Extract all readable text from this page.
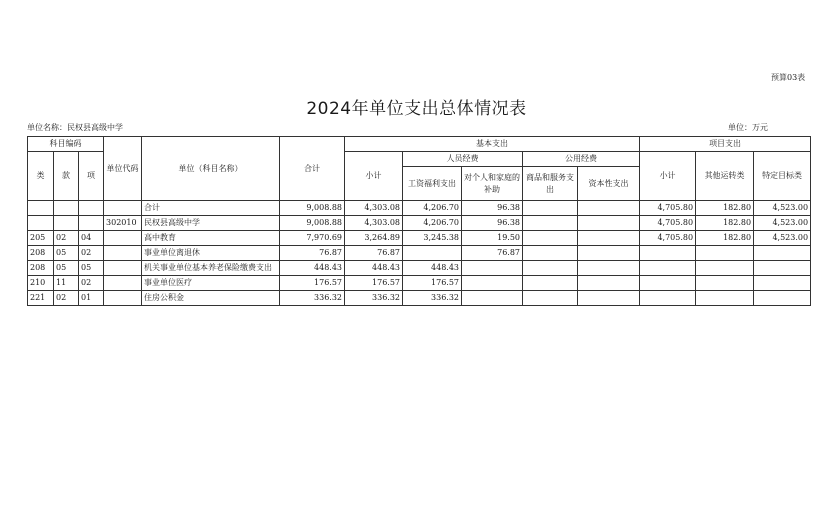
预算03表
2024年单位支出总体情况表
单位名称：民权县高级中学	单位：万元
科目编码			单位代码	单位（科目名称）	合计	基本支出					项目支出		
类	款	项				小计	人员经费		公用经费		小计	其他运转类	特定目标类
							工资福利支出	对个人和家庭的补助	商品和服务支出	资本性支出			

				合计	9,008.88	4,303.08	4,206.70	96.38			4,705.80	182.80	4,523.00
			302010	民权县高级中学	9,008.88	4,303.08	4,206.70	96.38			4,705.80	182.80	4,523.00
205	02	04		高中教育	7,970.69	3,264.89	3,245.38	19.50			4,705.80	182.80	4,523.00
208	05	02		事业单位离退休	76.87	76.87		76.87					
208	05	05		机关事业单位基本养老保险缴费支出	448.43	448.43	448.43						
210	11	02		事业单位医疗	176.57	176.57	176.57						
221	02	01		住房公积金	336.32	336.32	336.32						
